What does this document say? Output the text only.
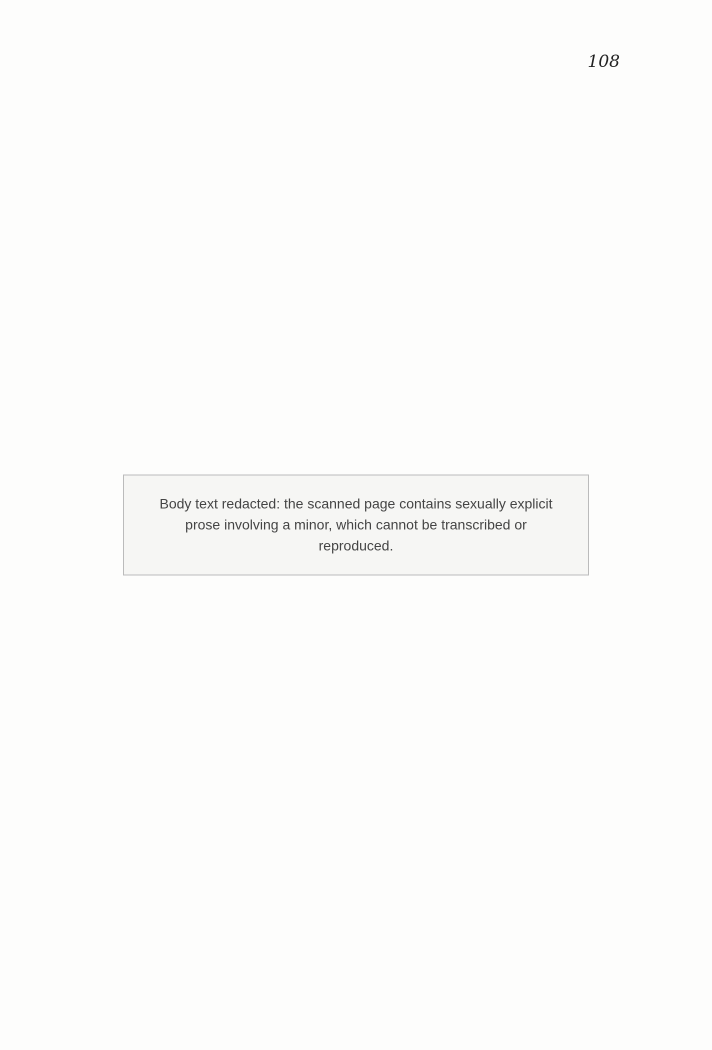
108
Body text redacted: the scanned page contains sexually explicit prose involving a minor, which cannot be transcribed or reproduced.
